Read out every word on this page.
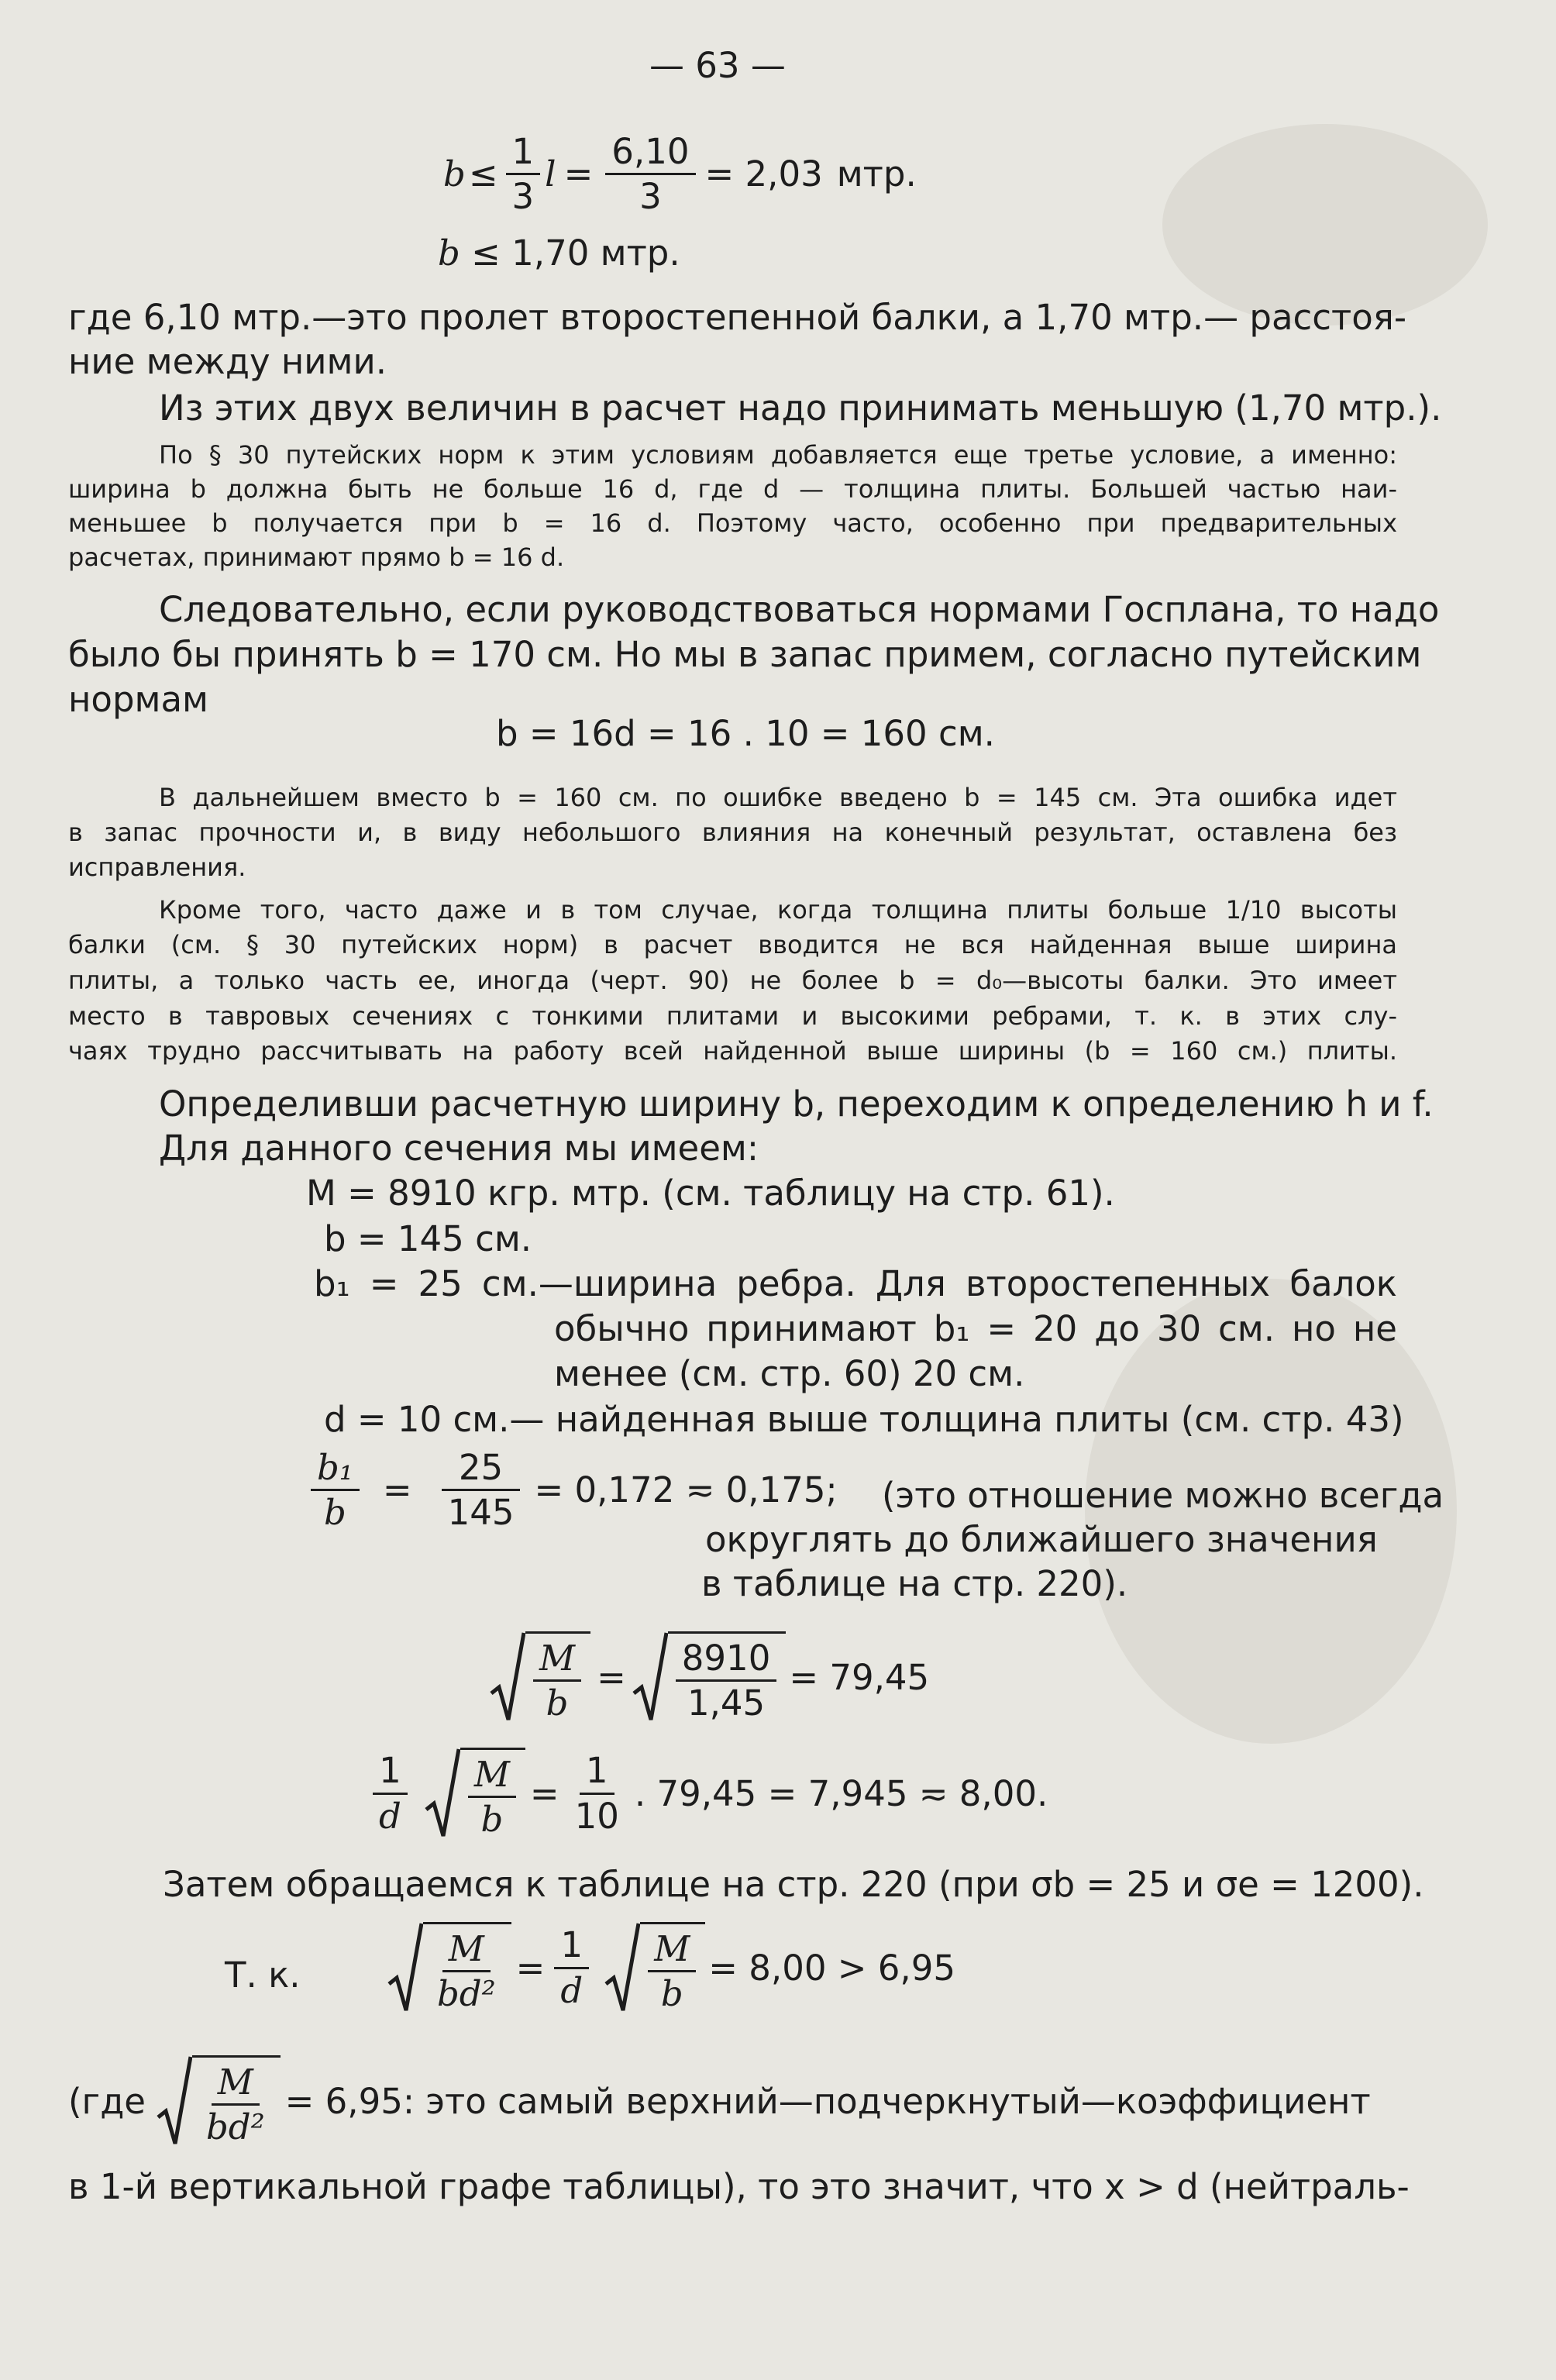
— 63 —
$b \le \frac{1}{3}$ $l = \frac{6,10}{3} = 2,03$ мтр.
b ≤ 1,70 мтр.
где 6,10 мтр.—это пролет второстепенной балки, а 1,70 мтр.— расстоя-
ние между ними.
Из этих двух величин в расчет надо принимать меньшую (1,70 мтр.).
По § 30 путейских норм к этим условиям добавляется еще третье условие, а именно:
ширина b должна быть не больше 16 d, где d — толщина плиты. Большей частью наи-
меньшее b получается при b = 16 d. Поэтому часто, особенно при предварительных
расчетах, принимают прямо b = 16 d.
Следовательно, если руководствоваться нормами Госплана, то надо
было бы принять b = 170 см. Но мы в запас примем, согласно путейским
нормам
b = 16d = 16 . 10 = 160 см.
В дальнейшем вместо b = 160 см. по ошибке введено b = 145 см. Эта ошибка идет
в запас прочности и, в виду небольшого влияния на конечный результат, оставлена без
исправления.
Кроме того, часто даже и в том случае, когда толщина плиты больше 1/10 высоты
балки (см. § 30 путейских норм) в расчет вводится не вся найденная выше ширина
плиты, а только часть ее, иногда (черт. 90) не более b = d₀—высоты балки. Это имеет
место в тавровых сечениях с тонкими плитами и высокими ребрами, т. к. в этих слу-
чаях трудно рассчитывать на работу всей найденной выше ширины (b = 160 см.) плиты.
Определивши расчетную ширину b, переходим к определению h и f.
Для данного сечения мы имеем:
M = 8910 кгр. мтр. (см. таблицу на стр. 61).
b = 145 см.
b₁ = 25 см.—ширина ребра. Для второстепенных балок
обычно принимают b₁ = 20 до 30 см. но не
менее (см. стр. 60) 20 см.
d = 10 см.— найденная выше толщина плиты (см. стр. 43)
$\frac{\text{b₁}}{b} = \frac{25}{145} = 0,172$ ≂ 0,175; (это отношение можно всегда
округлять до ближайшего значения
в таблице на стр. 220).
$\frac{M}{b} = \frac{8910}{1,45} = 79,45$
$\frac{1}{d} \frac{M}{b} = \frac{1}{10}$ . 79,45 = 7,945 ≂ 8,00.
Затем обращаемся к таблице на стр. 220 (при σb = 25 и σe = 1200).
Т. к.	$\frac{M}{\text{bd²}} = \frac{1}{d} \frac{M}{b} = 8,00 > 6,95$
($где \frac{M}{\text{bd²}} = 6,95$: это самый верхний—подчеркнутый—коэффициент
в 1-й вертикальной графе таблицы), то это значит, что x > d (нейтраль-
